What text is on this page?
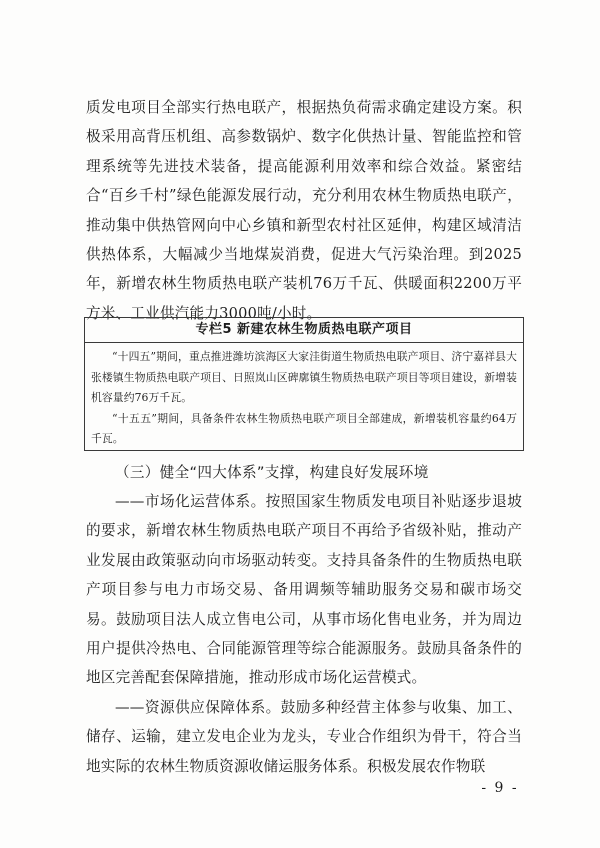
质发电项目全部实行热电联产，根据热负荷需求确定建设方案。积极采用高背压机组、高参数锅炉、数字化供热计量、智能监控和管理系统等先进技术装备，提高能源利用效率和综合效益。紧密结合“百乡千村”绿色能源发展行动，充分利用农林生物质热电联产，推动集中供热管网向中心乡镇和新型农村社区延伸，构建区域清洁供热体系，大幅减少当地煤炭消费，促进大气污染治理。到2025年，新增农林生物质热电联产装机76万千瓦、供暖面积2200万平方米、工业供汽能力3000吨/小时。

专栏5 新建农林生物质热电联产项目

“十四五”期间，重点推进潍坊滨海区大家洼街道生物质热电联产项目、济宁嘉祥县大张楼镇生物质热电联产项目、日照岚山区碑廓镇生物质热电联产项目等项目建设，新增装机容量约76万千瓦。

“十五五”期间，具备条件农林生物质热电联产项目全部建成，新增装机容量约64万千瓦。

（三）健全“四大体系”支撑，构建良好发展环境

——市场化运营体系。按照国家生物质发电项目补贴逐步退坡的要求，新增农林生物质热电联产项目不再给予省级补贴，推动产业发展由政策驱动向市场驱动转变。支持具备条件的生物质热电联产项目参与电力市场交易、备用调频等辅助服务交易和碳市场交易。鼓励项目法人成立售电公司，从事市场化售电业务，并为周边用户提供冷热电、合同能源管理等综合能源服务。鼓励具备条件的地区完善配套保障措施，推动形成市场化运营模式。

——资源供应保障体系。鼓励多种经营主体参与收集、加工、储存、运输，建立发电企业为龙头，专业合作组织为骨干，符合当地实际的农林生物质资源收储运服务体系。积极发展农作物联

- 9 -
